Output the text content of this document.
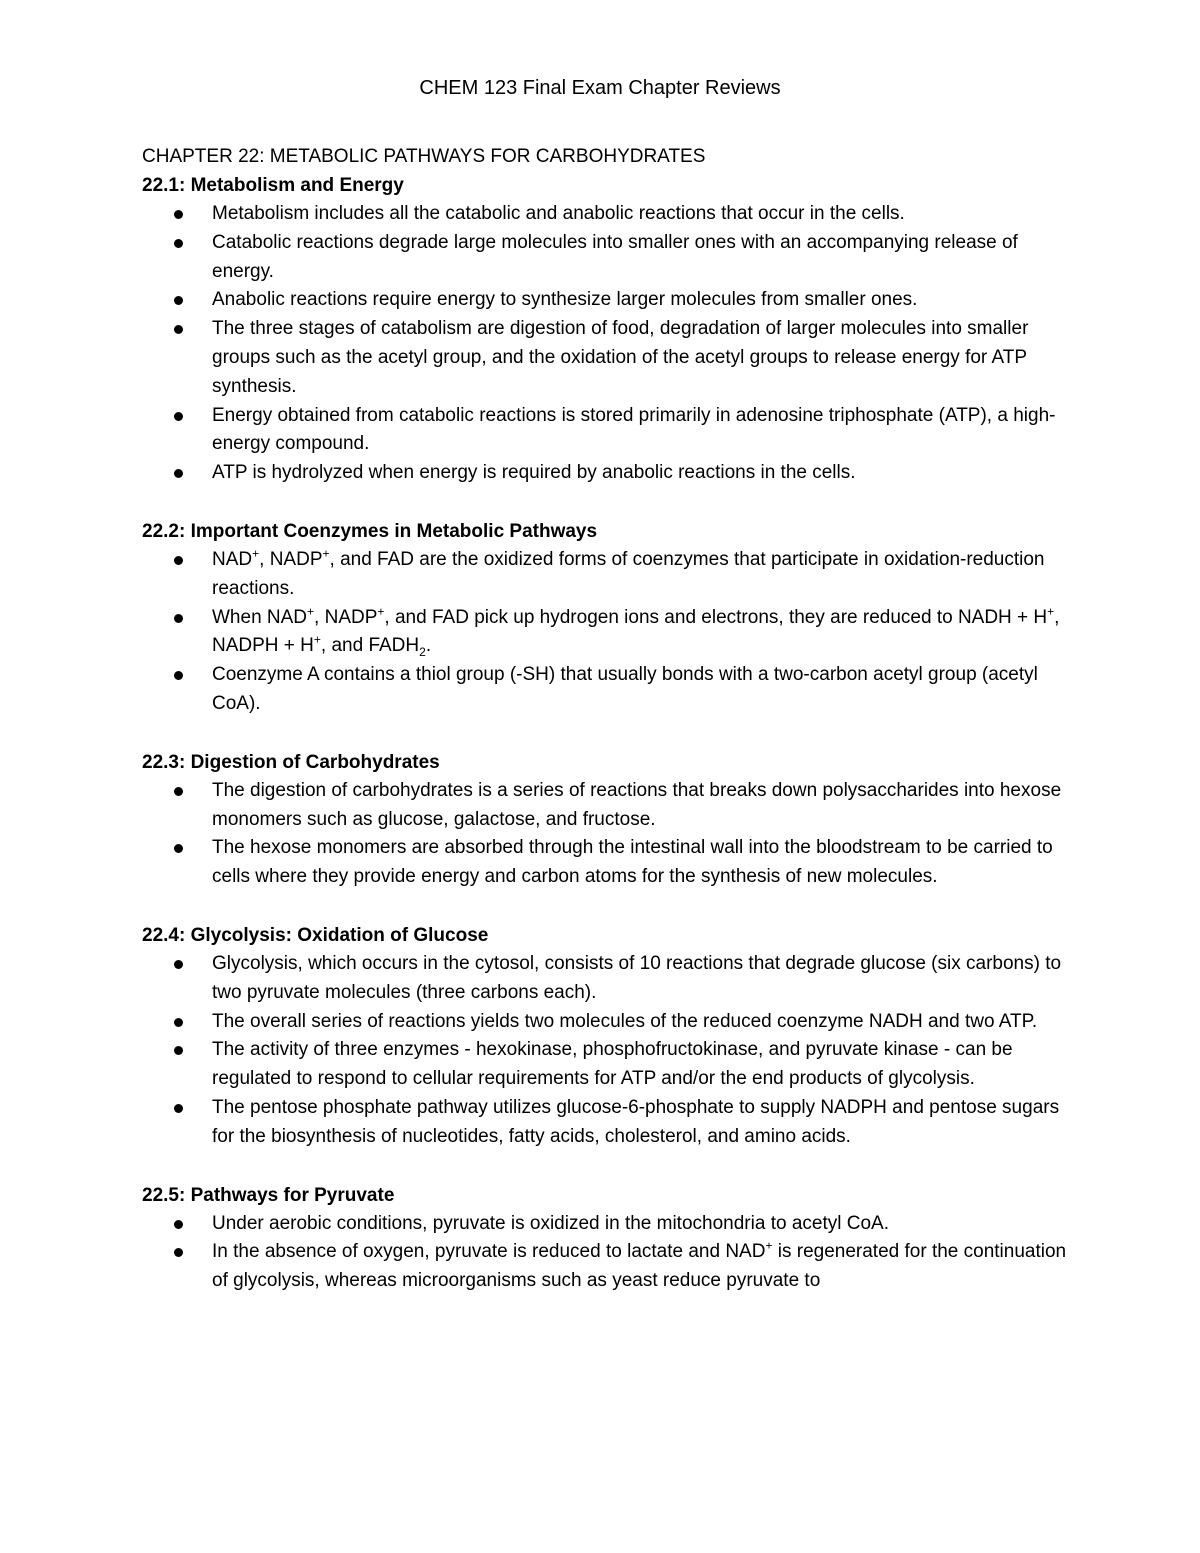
CHEM 123 Final Exam Chapter Reviews
CHAPTER 22: METABOLIC PATHWAYS FOR CARBOHYDRATES
22.1: Metabolism and Energy
Metabolism includes all the catabolic and anabolic reactions that occur in the cells.
Catabolic reactions degrade large molecules into smaller ones with an accompanying release of energy.
Anabolic reactions require energy to synthesize larger molecules from smaller ones.
The three stages of catabolism are digestion of food, degradation of larger molecules into smaller groups such as the acetyl group, and the oxidation of the acetyl groups to release energy for ATP synthesis.
Energy obtained from catabolic reactions is stored primarily in adenosine triphosphate (ATP), a high-energy compound.
ATP is hydrolyzed when energy is required by anabolic reactions in the cells.
22.2: Important Coenzymes in Metabolic Pathways
NAD+, NADP+, and FAD are the oxidized forms of coenzymes that participate in oxidation-reduction reactions.
When NAD+, NADP+, and FAD pick up hydrogen ions and electrons, they are reduced to NADH + H+, NADPH + H+, and $FADH_2$.
Coenzyme A contains a thiol group (-SH) that usually bonds with a two-carbon acetyl group (acetyl CoA).
22.3: Digestion of Carbohydrates
The digestion of carbohydrates is a series of reactions that breaks down polysaccharides into hexose monomers such as glucose, galactose, and fructose.
The hexose monomers are absorbed through the intestinal wall into the bloodstream to be carried to cells where they provide energy and carbon atoms for the synthesis of new molecules.
22.4: Glycolysis: Oxidation of Glucose
Glycolysis, which occurs in the cytosol, consists of 10 reactions that degrade glucose (six carbons) to two pyruvate molecules (three carbons each).
The overall series of reactions yields two molecules of the reduced coenzyme NADH and two ATP.
The activity of three enzymes - hexokinase, phosphofructokinase, and pyruvate kinase - can be regulated to respond to cellular requirements for ATP and/or the end products of glycolysis.
The pentose phosphate pathway utilizes glucose-6-phosphate to supply NADPH and pentose sugars for the biosynthesis of nucleotides, fatty acids, cholesterol, and amino acids.
22.5: Pathways for Pyruvate
Under aerobic conditions, pyruvate is oxidized in the mitochondria to acetyl CoA.
In the absence of oxygen, pyruvate is reduced to lactate and NAD+ is regenerated for the continuation of glycolysis, whereas microorganisms such as yeast reduce pyruvate to
